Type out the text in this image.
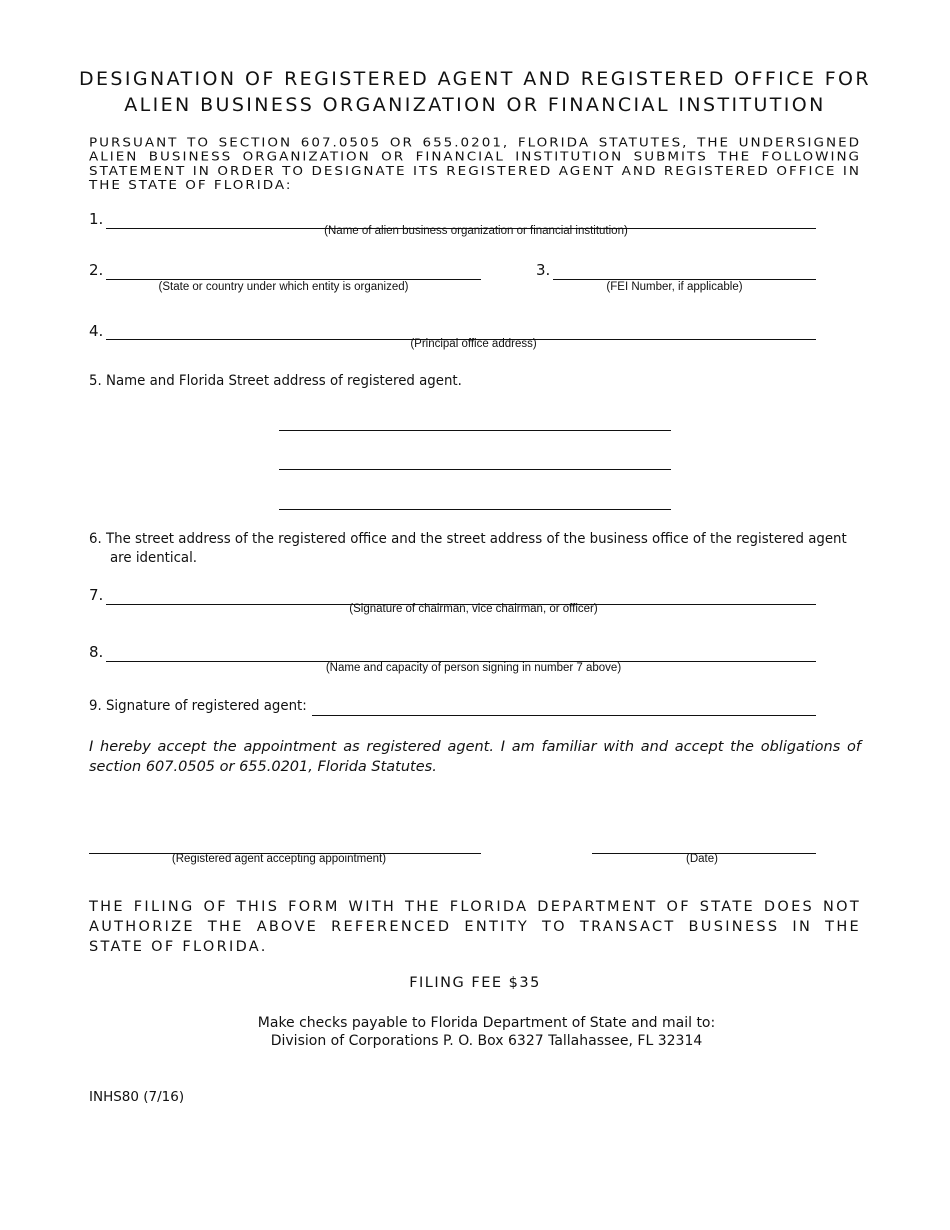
DESIGNATION OF REGISTERED AGENT AND REGISTERED OFFICE FOR
ALIEN BUSINESS ORGANIZATION OR FINANCIAL INSTITUTION
PURSUANT TO SECTION 607.0505 OR 655.0201, FLORIDA STATUTES, THE UNDERSIGNED ALIEN BUSINESS ORGANIZATION OR FINANCIAL INSTITUTION SUBMITS THE FOLLOWING STATEMENT IN ORDER TO DESIGNATE ITS REGISTERED AGENT AND REGISTERED OFFICE IN THE STATE OF FLORIDA:
1.
(Name of alien business organization or financial institution)
2.
(State or country under which entity is organized)
3.
(FEI Number, if applicable)
4.
(Principal office address)
5. Name and Florida Street address of registered agent.
6. The street address of the registered office and the street address of the business office of the registered agent
are identical.
7.
(Signature of chairman, vice chairman, or officer)
8.
(Name and capacity of person signing in number 7 above)
9. Signature of registered agent:
I hereby accept the appointment as registered agent. I am familiar with and accept the obligations of section 607.0505 or 655.0201, Florida Statutes.
(Registered agent accepting appointment)	(Date)
THE FILING OF THIS FORM WITH THE FLORIDA DEPARTMENT OF STATE DOES NOT AUTHORIZE THE ABOVE REFERENCED ENTITY TO TRANSACT BUSINESS IN THE STATE OF FLORIDA.
FILING FEE $35
Make checks payable to Florida Department of State and mail to:
Division of Corporations P. O. Box 6327 Tallahassee, FL 32314
INHS80 (7/16)
